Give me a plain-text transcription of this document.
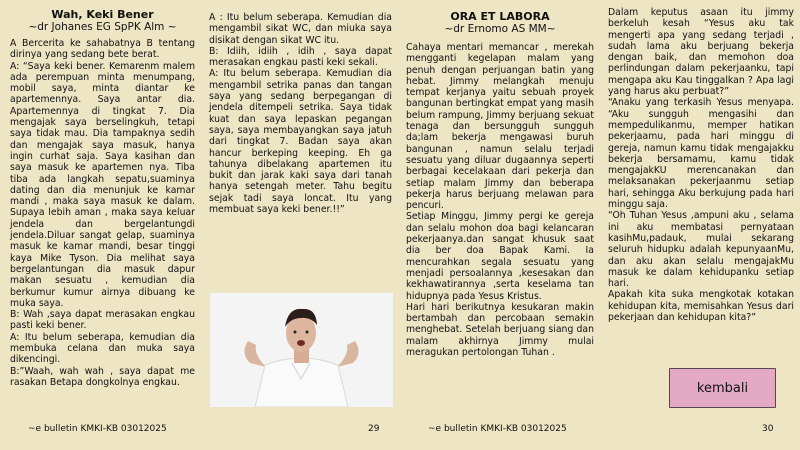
Wah, Keki Bener
~dr Johanes EG SpPK Alm ~

A Bercerita ke sahabatnya B tentang dirinya yang sedang bete berat.
A: “Saya keki bener. Kemarenm malem ada perempuan minta menumpang, mobil saya, minta diantar ke apartemennya. Saya antar dia. Apartemennya di tingkat 7. Dia mengajak saya berselingkuh, tetapi saya tidak mau. Dia tampaknya sedih dan mengajak saya masuk, hanya ingin curhat saja. Saya kasihan dan saya masuk ke apartemen nya. Tiba tiba ada langkah sepatu,suaminya dating dan dia menunjuk ke kamar mandi , maka saya masuk ke dalam. Supaya lebih aman , maka saya keluar jendela dan bergelantungdi jendela.Diluar sangat gelap, suaminya masuk ke kamar mandi, besar tinggi kaya Mike Tyson. Dia melihat saya bergelantungan dia masuk dapur makan sesuatu , kemudian dia berkumur kumur airnya dibuang ke muka saya.
B: Wah ,saya dapat merasakan engkau pasti keki bener.
A: Itu belum seberapa, kemudian dia membuka celana dan muka saya dikencingi.
B:”Waah, wah wah , saya dapat me rasakan Betapa dongkolnya engkau.

A : Itu belum seberapa. Kemudian dia mengambil sikat WC, dan miuka saya disikat dengan sikat WC itu.
B: Idiih, idiih , idih , saya dapat merasakan engkau pasti keki sekali.
A: Itu belum seberapa. Kemudian dia mengambil setrika panas dan tangan saya yang sedang berpegangan di jendela ditempeli setrika. Saya tidak kuat dan saya lepaskan pegangan saya, saya membayangkan saya jatuh dari tingkat 7. Badan saya akan hancur berkeping keeping. Eh ga tahunya dibelakang apartemen itu bukit dan jarak kaki saya dari tanah hanya setengah meter. Tahu begitu sejak tadi saya loncat. Itu yang membuat saya keki bener.!!”

~e bulletin KMKI-KB 03012025	29
ORA ET LABORA
~dr Ernomo AS MM~

Cahaya mentari memancar , merekah mengganti kegelapan malam yang penuh dengan perjuangan batin yang hebat. Jimmy melangkah menuju tempat kerjanya yaitu sebuah proyek bangunan bertingkat empat yang masih belum rampung, Jimmy berjuang sekuat tenaga dan bersungguh sungguh da;lam bekerja mengawasi buruh bangunan , namun selalu terjadi sesuatu yang diluar dugaannya seperti berbagai kecelakaan dari pekerja dan setiap malam Jimmy dan beberapa pekerja harus berjuang melawan para pencuri.
Setiap Minggu, Jimmy pergi ke gereja dan selalu mohon doa bagi kelancaran pekerjaanya.dan sangat khusuk saat dia ber doa Bapak Kami. Ia mencurahkan segala sesuatu yang menjadi persoalannya ,kesesakan dan kekhawatirannya ,serta keselama tan hidupnya pada Yesus Kristus.
Hari hari berikutnya kesukaran makin bertambah dan percobaan semakin menghebat. Setelah berjuang siang dan malam akhirnya Jimmy mulai meragukan pertolongan Tuhan .

Dalam keputus asaan itu jimmy berkeluh kesah “Yesus aku tak mengerti apa yang sedang terjadi , sudah lama aku berjuang bekerja dengan baik, dan memohon doa perlindungan dalam pekerjaanku, tapi mengapa aku Kau tinggalkan ? Apa lagi yang harus aku perbuat?”
“Anaku yang terkasih Yesus menyapa. “Aku sungguh mengasihi dan mempedulikanmu, memper hatikan pekerjaamu, pada hari minggu di gereja, namun kamu tidak mengajakku bekerja bersamamu, kamu tidak mengajakKU merencanakan dan melaksanakan pekerjaanmu setiap hari, sehingga Aku berkujung pada hari minggu saja.
“Oh Tuhan Yesus ,ampuni aku , selama ini aku membatasi pernyataan kasihMu,padauk, mulai sekarang seluruh hidupku adalah kepunyaanMu, dan aku akan selalu mengajakMu masuk ke dalam kehidupanku setiap hari.
Apakah kita suka mengkotak kotakan kehidupan kita, memisahkan Yesus dari pekerjaan dan kehidupan kita?”

~e bulletin KMKI-KB 03012025	30
kembali
